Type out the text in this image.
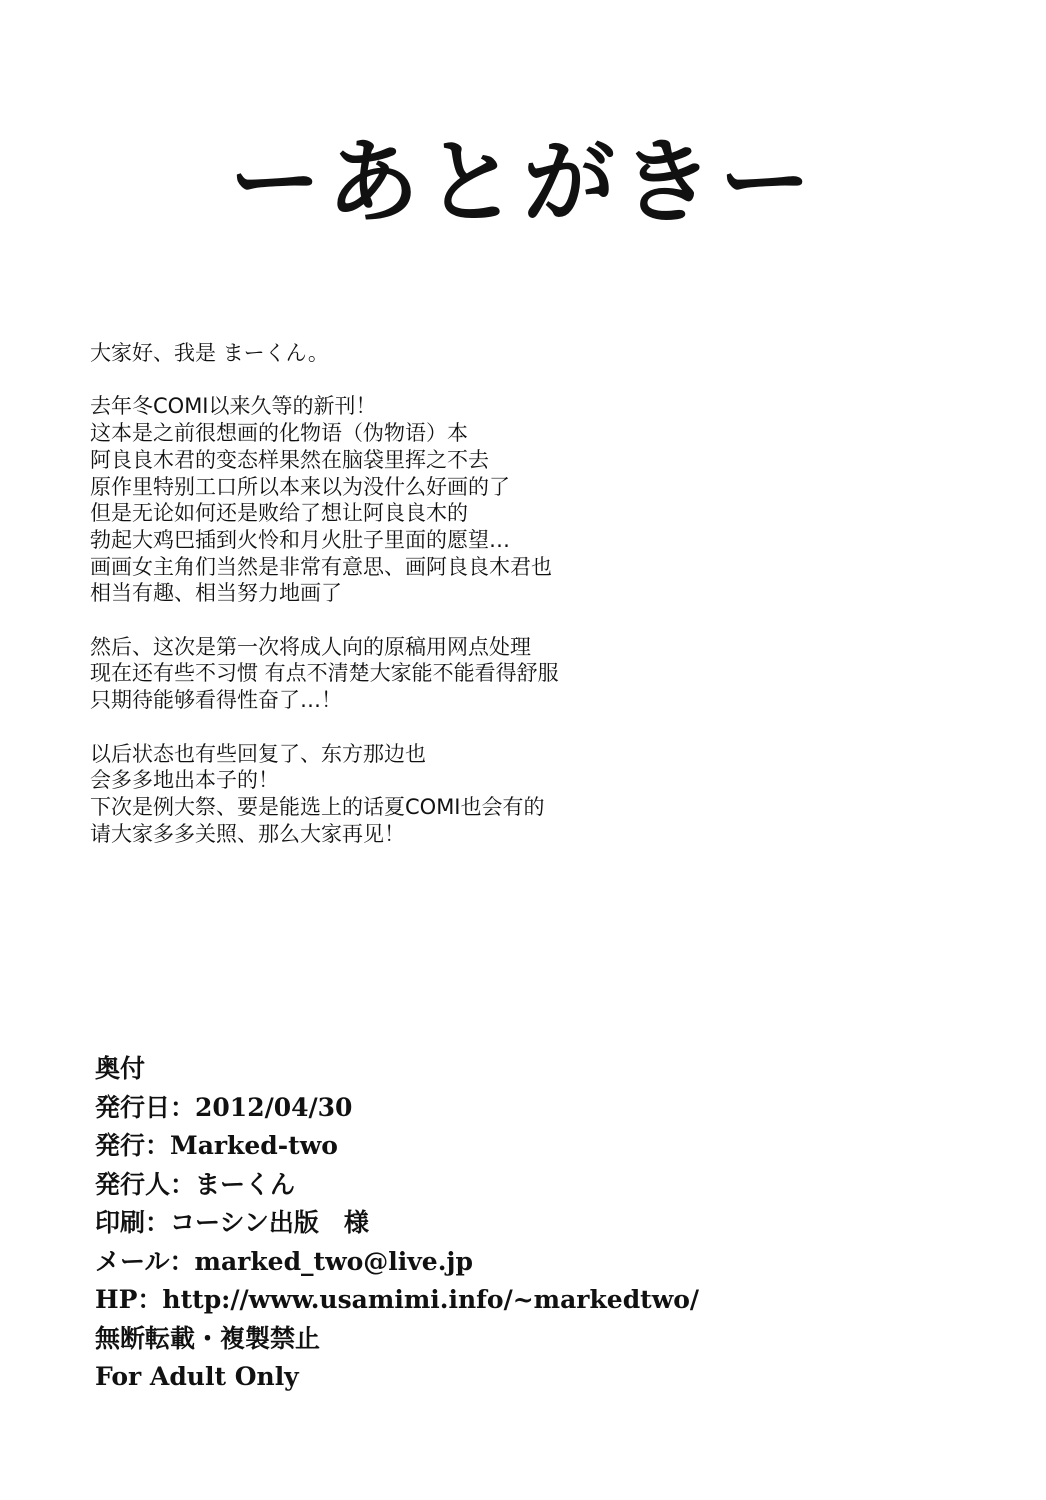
ーあとがきー

大家好、我是 まーくん。

去年冬COMI以来久等的新刊！
这本是之前很想画的化物语（伪物语）本
阿良良木君的变态样果然在脑袋里挥之不去
原作里特别工口所以本来以为没什么好画的了
但是无论如何还是败给了想让阿良良木的
勃起大鸡巴插到火怜和月火肚子里面的愿望…
画画女主角们当然是非常有意思、画阿良良木君也
相当有趣、相当努力地画了

然后、这次是第一次将成人向的原稿用网点处理
现在还有些不习惯 有点不清楚大家能不能看得舒服
只期待能够看得性奋了…！

以后状态也有些回复了、东方那边也
会多多地出本子的！
下次是例大祭、要是能选上的话夏COMI也会有的
请大家多多关照、那么大家再见！

奥付
発行日：2012/04/30
発行：Marked-two
発行人：まーくん
印刷：コーシン出版　様
メール：marked_two@live.jp
HP：http://www.usamimi.info/~markedtwo/
無断転載・複製禁止
For Adult Only
